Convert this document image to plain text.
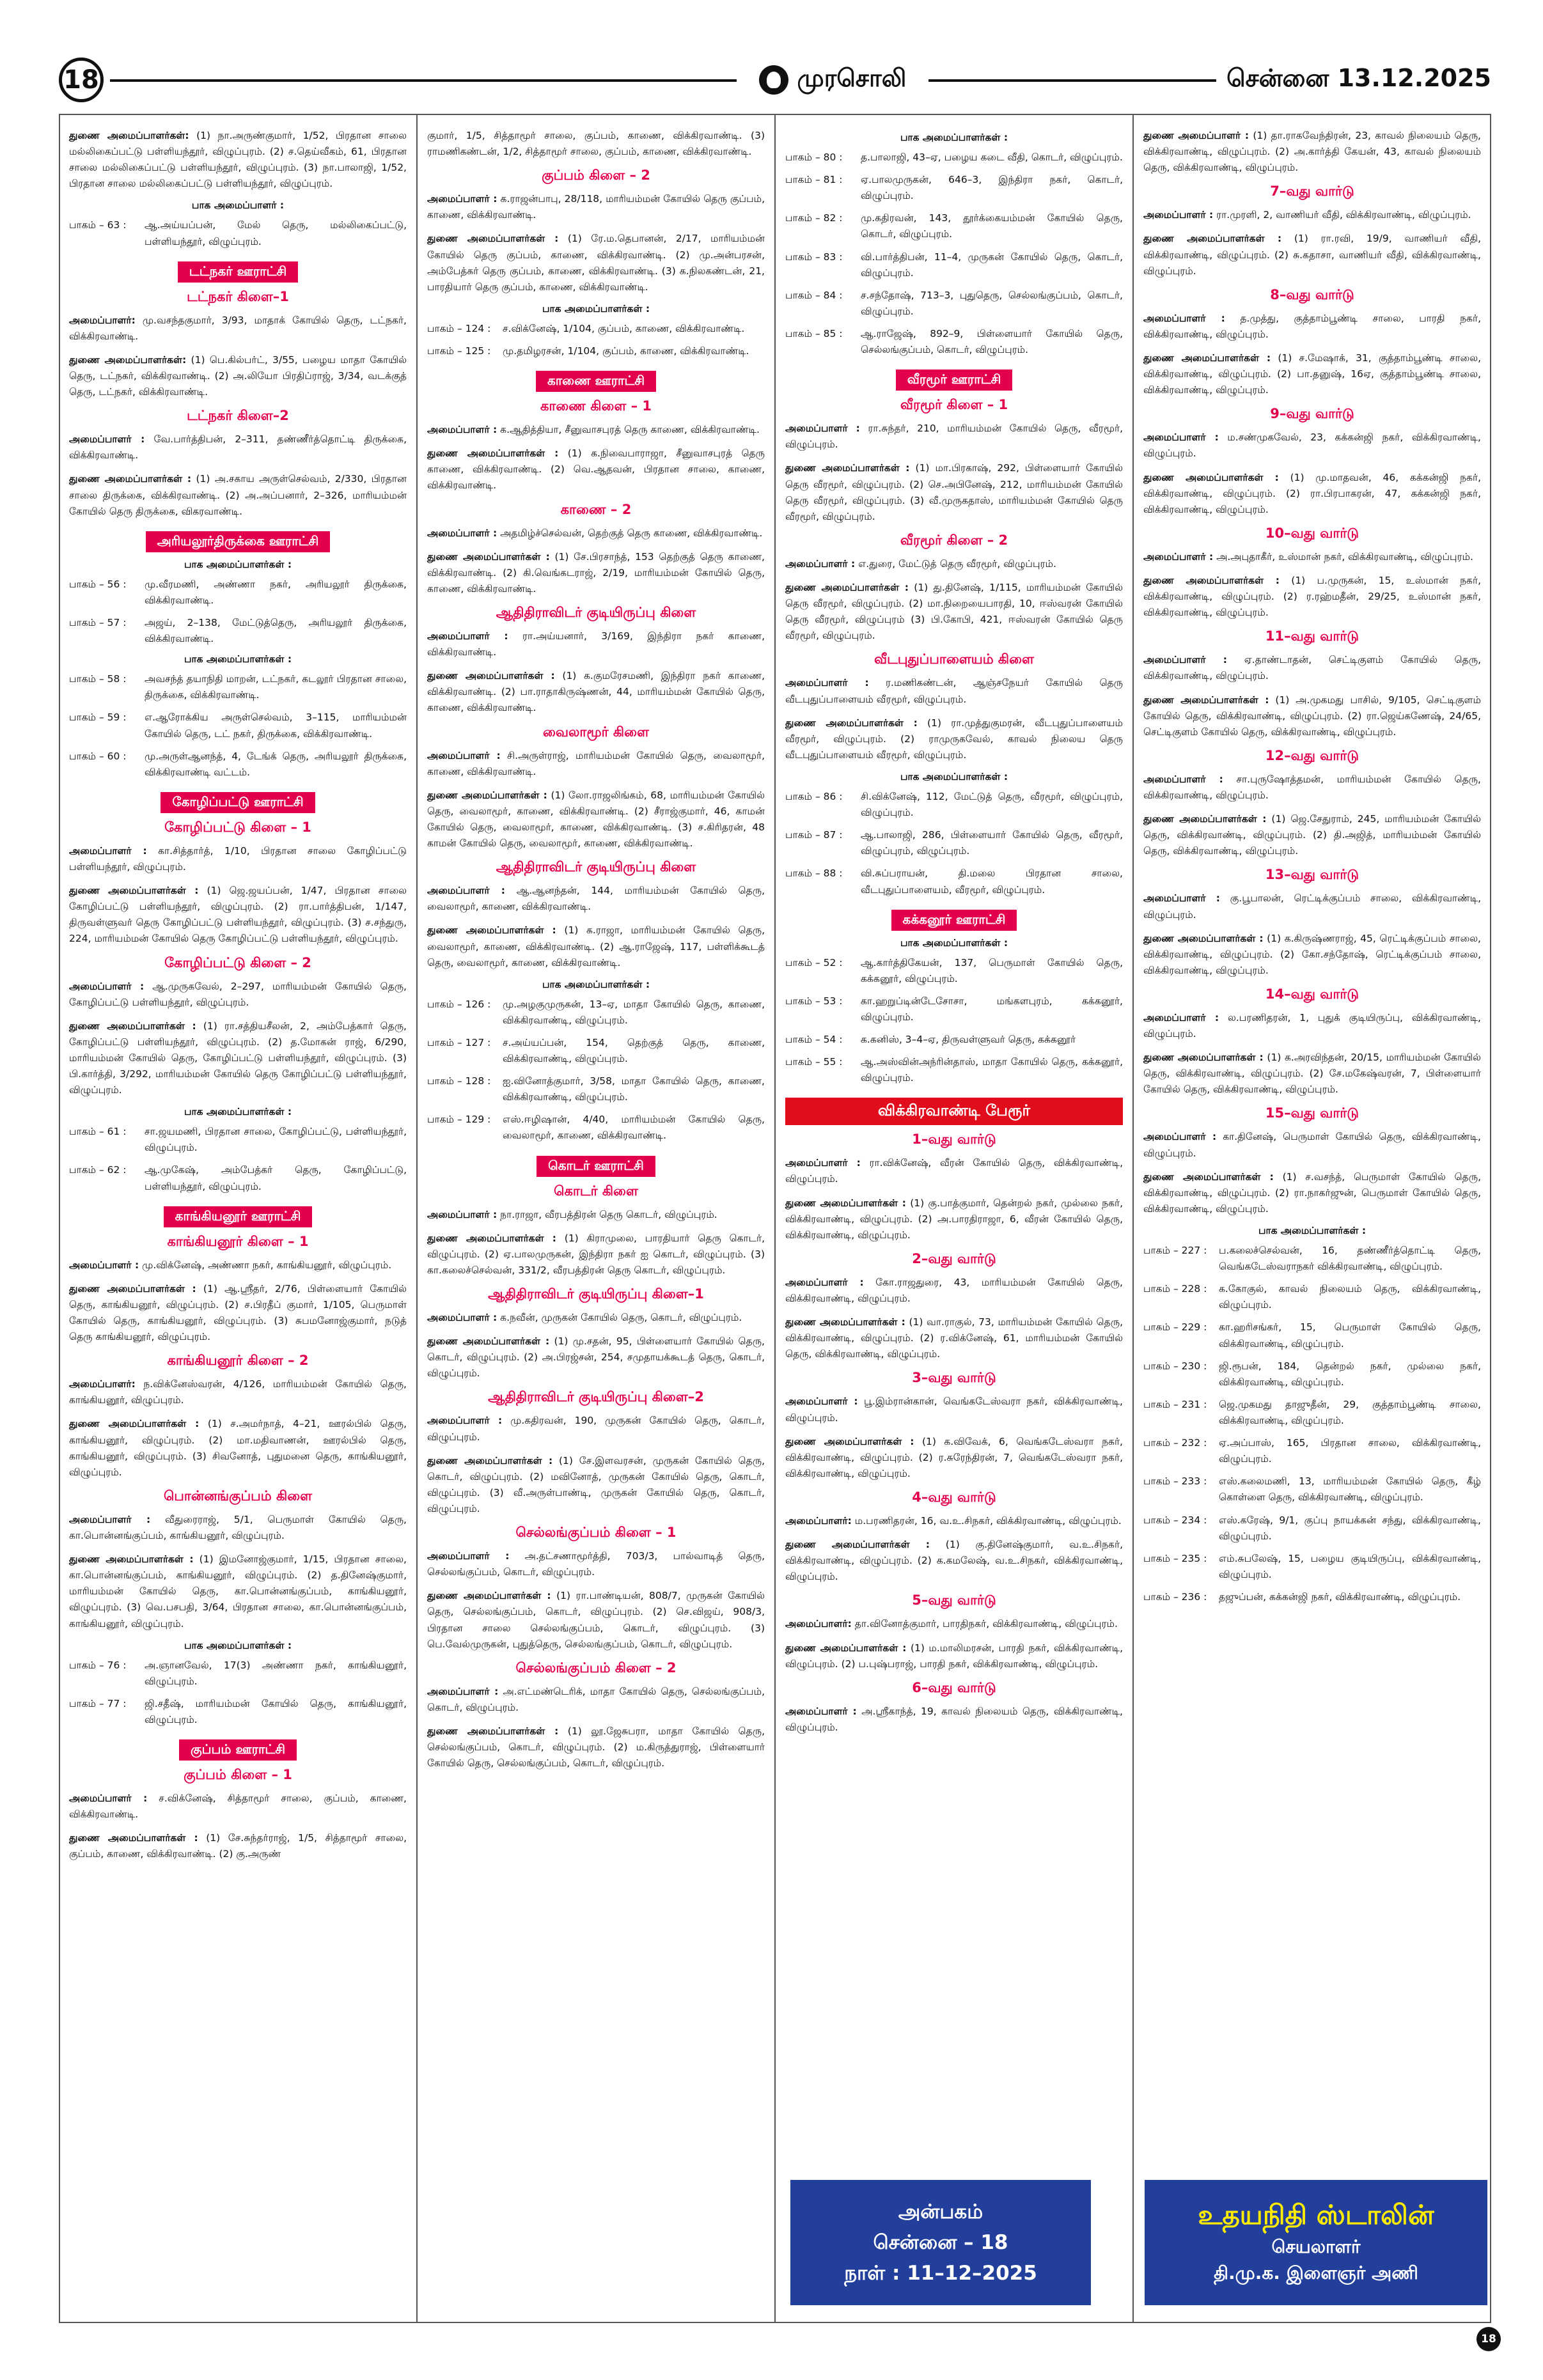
18	முரசொலி	சென்னை 13.12.2025
துணை அமைப்பாளர்கள்: (1) நா.அருண்குமார், 1/52, பிரதான சாலை மல்லிகைப்பட்டு பள்ளியந்தூர், விழுப்புரம். (2) ச.தெய்வீகம், 61, பிரதான சாலை மல்லிகைப்பட்டு பள்ளியந்தூர், விழுப்புரம். (3) நா.பாலாஜி, 1/52, பிரதான சாலை மல்லிகைப்பட்டு பள்ளியந்தூர், விழுப்புரம்.
பாக அமைப்பாளர் :
பாகம் – 63 :	ஆ.அய்யப்பன், மேல் தெரு, மல்லிகைப்பட்டு, பள்ளியந்தூர், விழுப்புரம்.
டட்நகர் ஊராட்சி
டட்நகர் கிளை–1
அமைப்பாளர்: மு.வசந்தகுமார், 3/93, மாதாக் கோயில் தெரு, டட்நகர், விக்கிரவாண்டி.
துணை அமைப்பாளர்கள்: (1) பெ.கில்பர்ட், 3/55, பழைய மாதா கோயில் தெரு, டட்நகர், விக்கிரவாண்டி. (2) அ.லியோ பிரதிப்ராஜ், 3/34, வடக்குத் தெரு, டட்நகர், விக்கிரவாண்டி.
டட்நகர் கிளை–2
அமைப்பாளர் : வே.பார்த்திபன், 2–311, தண்ணீர்த்தொட்டி திருக்கை, விக்கிரவாண்டி.
துணை அமைப்பாளர்கள் : (1) அ.சகாய அருள்செல்வம், 2/330, பிரதான சாலை திருக்கை, விக்கிரவாண்டி. (2) அ.அப்பனார், 2–326, மாரியம்மன் கோயில் தெரு திருக்கை, விகரவாண்டி.
அரியலூர்திருக்கை ஊராட்சி
பாக அமைப்பாளர்கள் :
பாகம் – 56 :	மு.வீரமணி, அண்ணா நகர், அரியலூர் திருக்கை, விக்கிரவாண்டி.
பாகம் – 57 :	அஜய், 2–138, மேட்டுத்தெரு, அரியலூர் திருக்கை, விக்கிரவாண்டி.
பாக அமைப்பாளர்கள் :
பாகம் – 58 :	அவசந்த் தயாநிதி மாறன், டட்நகர், கடலூர் பிரதான சாலை, திருக்கை, விக்கிரவாண்டி.
பாகம் – 59 :	எ.ஆரோக்கிய அருள்செல்வம், 3–115, மாரியம்மன் கோயில் தெரு, டட் நகர், திருக்கை, விக்கிரவாண்டி.
பாகம் – 60 :	மு.அருள்ஆனந்த், 4, டேங்க் தெரு, அரியலூர் திருக்கை, விக்கிரவாண்டி வட்டம்.
கோழிப்பட்டு ஊராட்சி
கோழிப்பட்டு கிளை – 1
அமைப்பாளர் : கா.சித்தார்த், 1/10, பிரதான சாலை கோழிப்பட்டு பள்ளியந்தூர், விழுப்புரம்.
துணை அமைப்பாளர்கள் : (1) ஜெ.ஜயப்பன், 1/47, பிரதான சாலை கோழிப்பட்டு பள்ளியந்தூர், விழுப்புரம். (2) ரா.பார்த்திபன், 1/147, திருவள்ளுவர் தெரு கோழிப்பட்டு பள்ளியந்தூர், விழுப்புரம். (3) ச.சந்துரு, 224, மாரியம்மன் கோயில் தெரு கோழிப்பட்டு பள்ளியந்தூர், விழுப்புரம்.
கோழிப்பட்டு கிளை – 2
அமைப்பாளர் : ஆ.முருகவேல், 2–297, மாரியம்மன் கோயில் தெரு, கோழிப்பட்டு பள்ளியந்தூர், விழுப்புரம்.
துணை அமைப்பாளர்கள் : (1) ரா.சத்தியசீலன், 2, அம்பேத்கார் தெரு, கோழிப்பட்டு பள்ளியந்தூர், விழுப்புரம். (2) த.மோகன் ராஜ், 6/290, மாரியம்மன் கோயில் தெரு, கோழிப்பட்டு பள்ளியந்தூர், விழுப்புரம். (3) பி.கார்த்தி, 3/292, மாரியம்மன் கோயில் தெரு கோழிப்பட்டு பள்ளியந்தூர், விழுப்புரம்.
பாக அமைப்பாளர்கள் :
பாகம் – 61 :	சா.ஜயமணி, பிரதான சாலை, கோழிப்பட்டு, பள்ளியந்தூர், விழுப்புரம்.
பாகம் – 62 :	ஆ.முகேஷ், அம்பேத்கர் தெரு, கோழிப்பட்டு, பள்ளியந்தூர், விழுப்புரம்.
காங்கியனூர் ஊராட்சி
காங்கியனூர் கிளை – 1
அமைப்பாளர் : மு.விக்னேஷ், அண்ணா நகர், காங்கியனூர், விழுப்புரம்.
துணை அமைப்பாளர்கள் : (1) ஆ.ஸ்ரீதர், 2/76, பிள்ளையார் கோயில் தெரு, காங்கியனூர், விழுப்புரம். (2) ச.பிரதீப் குமார், 1/105, பெருமாள் கோயில் தெரு, காங்கியனூர், விழுப்புரம். (3) சுபமனோஜ்குமார், நடுத் தெரு காங்கியனூர், விழுப்புரம்.
காங்கியனூர் கிளை – 2
அமைப்பாளர்: ந.விக்னேஸ்வரன், 4/126, மாரியம்மன் கோயில் தெரு, காங்கியனூர், விழுப்புரம்.
துணை அமைப்பாளர்கள் : (1) ச.அமர்நாத், 4–21, ஊரல்பில் தெரு, காங்கியனூர், விழுப்புரம். (2) மா.மதிவாணன், ஊரல்பில் தெரு, காங்கியனூர், விழுப்புரம். (3) சிவனோத், புதுமனை தெரு, காங்கியனூர், விழுப்புரம்.
பொன்னங்குப்பம் கிளை
அமைப்பாளர் : வீதுரைராஜ், 5/1, பெருமாள் கோயில் தெரு, கா.பொன்னங்குப்பம், காங்கியனூர், விழுப்புரம்.
துணை அமைப்பாளர்கள் : (1) இமனோஜ்குமார், 1/15, பிரதான சாலை, கா.பொன்னங்குப்பம், காங்கியனூர், விழுப்புரம். (2) த.தினேஷ்குமார், மாரியம்மன் கோயில் தெரு, கா.பொன்னங்குப்பம், காங்கியனூர், விழுப்புரம். (3) வெ.பசபதி, 3/64, பிரதான சாலை, கா.பொன்னங்குப்பம், காங்கியனூர், விழுப்புரம்.
பாக அமைப்பாளர்கள் :
பாகம் – 76 :	அ.ஞானவேல், 17(3) அண்ணா நகர், காங்கியனூர், விழுப்புரம்.
பாகம் – 77 :	ஜி.சதீஷ், மாரியம்மன் கோயில் தெரு, காங்கியனூர், விழுப்புரம்.
குப்பம் ஊராட்சி
குப்பம் கிளை – 1
அமைப்பாளர் : ச.விக்னேஷ், சித்தாமூர் சாலை, குப்பம், காணை, விக்கிரவாண்டி.
துணை அமைப்பாளர்கள் : (1) சே.சுந்தர்ராஜ், 1/5, சித்தாமூர் சாலை, குப்பம், காணை, விக்கிரவாண்டி. (2) கு.அருண்
குமார், 1/5, சித்தாமூர் சாலை, குப்பம், காணை, விக்கிரவாண்டி. (3) ராமணிகண்டன், 1/2, சித்தாமூர் சாலை, குப்பம், காணை, விக்கிரவாண்டி.
குப்பம் கிளை – 2
அமைப்பாளர் : க.ராஜன்பாபு, 28/118, மாரியம்மன் கோயில் தெரு குப்பம், காணை, விக்கிரவாண்டி.
துணை அமைப்பாளர்கள் : (1) ரே.ம.தெபானன், 2/17, மாரியம்மன் கோயில் தெரு குப்பம், காணை, விக்கிரவாண்டி. (2) மு.அன்பரசன், அம்பேத்கர் தெரு குப்பம், காணை, விக்கிரவாண்டி. (3) க.நிலகண்டன், 21, பாரதியார் தெரு குப்பம், காணை, விக்கிரவாண்டி.
பாக அமைப்பாளர்கள் :
பாகம் – 124 :	ச.விக்னேஷ், 1/104, குப்பம், காணை, விக்கிரவாண்டி.
பாகம் – 125 :	மு.தமிழரசன், 1/104, குப்பம், காணை, விக்கிரவாண்டி.
காணை ஊராட்சி
காணை கிளை – 1
அமைப்பாளர் : க.ஆதித்தியா, சீனுவாசபுரத் தெரு காணை, விக்கிரவாண்டி.
துணை அமைப்பாளர்கள் : (1) க.நிவைபாராஜா, சீனுவாசபுரத் தெரு காணை, விக்கிரவாண்டி. (2) வெ.ஆதவன், பிரதான சாலை, காணை, விக்கிரவாண்டி.
காணை – 2
அமைப்பாளர் : அதமிழ்ச்செல்வன், தெற்குத் தெரு காணை, விக்கிரவாண்டி.
துணை அமைப்பாளர்கள் : (1) சே.பிரசாந்த், 153 தெற்குத் தெரு காணை, விக்கிரவாண்டி. (2) கி.வெங்கடராஜ், 2/19, மாரியம்மன் கோயில் தெரு, காணை, விக்கிரவாண்டி.
ஆதிதிராவிடர் குடியிருப்பு கிளை
அமைப்பாளர் : ரா.அய்யனார், 3/169, இந்திரா நகர் காணை, விக்கிரவாண்டி.
துணை அமைப்பாளர்கள் : (1) க.குமரேசமணி, இந்திரா நகர் காணை, விக்கிரவாண்டி. (2) பா.ராதாகிருஷ்ணன், 44, மாரியம்மன் கோயில் தெரு, காணை, விக்கிரவாண்டி.
வைலாமூர் கிளை
அமைப்பாளர் : சி.அருள்ராஜ், மாரியம்மன் கோயில் தெரு, வைலாமூர், காணை, விக்கிரவாண்டி.
துணை அமைப்பாளர்கள் : (1) லோ.ராஜலிங்கம், 68, மாரியம்மன் கோயில் தெரு, வைலாமூர், காணை, விக்கிரவாண்டி. (2) சீராஜ்குமார், 46, காமன் கோயில் தெரு, வைலாமூர், காணை, விக்கிரவாண்டி. (3) ச.கிரிதரன், 48 காமன் கோயில் தெரு, வைலாமூர், காணை, விக்கிரவாண்டி.
ஆதிதிராவிடர் குடியிருப்பு கிளை
அமைப்பாளர் : ஆ.ஆனந்தன், 144, மாரியம்மன் கோயில் தெரு, வைலாமூர், காணை, விக்கிரவாண்டி.
துணை அமைப்பாளர்கள் : (1) க.ராஜா, மாரியம்மன் கோயில் தெரு, வைலாமூர், காணை, விக்கிரவாண்டி. (2) ஆ.ராஜேஷ், 117, பள்ளிக்கூடத் தெரு, வைலாமூர், காணை, விக்கிரவாண்டி.
பாக அமைப்பாளர்கள் :
பாகம் – 126 :	மு.அழகுமுருகன், 13–ஏ, மாதா கோயில் தெரு, காணை, விக்கிரவாண்டி, விழுப்புரம்.
பாகம் – 127 :	ச.அய்யப்பன், 154, தெற்குத் தெரு, காணை, விக்கிரவாண்டி, விழுப்புரம்.
பாகம் – 128 :	ஐ.வினோத்குமார், 3/58, மாதா கோயில் தெரு, காணை, விக்கிரவாண்டி, விழுப்புரம்.
பாகம் – 129 :	எஸ்.ஈழிஷான், 4/40, மாரியம்மன் கோயில் தெரு, வைலாமூர், காணை, விக்கிரவாண்டி.
கொடர் ஊராட்சி
கொடர் கிளை
அமைப்பாளர் : நா.ராஜா, வீரபத்திரன் தெரு கொடர், விழுப்புரம்.
துணை அமைப்பாளர்கள் : (1) கிராமுலை, பாரதியார் தெரு கொடர், விழுப்புரம். (2) ஏ.பாலமுருகன், இந்திரா நகர் ஐ கொடர், விழுப்புரம். (3) கா.கலைச்செல்வன், 331/2, வீரபத்திரன் தெரு கொடர், விழுப்புரம்.
ஆதிதிராவிடர் குடியிருப்பு கிளை–1
அமைப்பாளர் : க.நவீன், முருகன் கோயில் தெரு, கொடர், விழுப்புரம்.
துணை அமைப்பாளர்கள் : (1) மு.சதன், 95, பிள்ளையார் கோயில் தெரு, கொடர், விழுப்புரம். (2) அ.பிரஜ்சன், 254, சமுதாயக்கூடத் தெரு, கொடர், விழுப்புரம்.
ஆதிதிராவிடர் குடியிருப்பு கிளை–2
அமைப்பாளர் : மு.கதிரவன், 190, முருகன் கோயில் தெரு, கொடர், விழுப்புரம்.
துணை அமைப்பாளர்கள் : (1) சே.இளவரசன், முருகன் கோயில் தெரு, கொடர், விழுப்புரம். (2) மவினோத், முருகன் கோயில் தெரு, கொடர், விழுப்புரம். (3) வீ.அருள்பாண்டி, முருகன் கோயில் தெரு, கொடர், விழுப்புரம்.
செல்லங்குப்பம் கிளை – 1
அமைப்பாளர் : அ.தட்சணாமூர்த்தி, 703/3, பால்வாடித் தெரு, செல்லங்குப்பம், கொடர், விழுப்புரம்.
துணை அமைப்பாளர்கள் : (1) ரா.பாண்டியன், 808/7, முருகன் கோயில் தெரு, செல்லங்குப்பம், கொடர், விழுப்புரம். (2) செ.விஜய், 908/3, பிரதான சாலை செல்லங்குப்பம், கொடர், விழுப்புரம். (3) பெ.வேல்முருகன், புதுத்தெரு, செல்லங்குப்பம், கொடர், விழுப்புரம்.
செல்லங்குப்பம் கிளை – 2
அமைப்பாளர் : அ.எட்மண்டெரிக், மாதா கோயில் தெரு, செல்லங்குப்பம், கொடர், விழுப்புரம்.
துணை அமைப்பாளர்கள் : (1) லூ.ஜேசுபரா, மாதா கோயில் தெரு, செல்லங்குப்பம், கொடர், விழுப்புரம். (2) ம.கிருத்துராஜ், பிள்ளையார் கோயில் தெரு, செல்லங்குப்பம், கொடர், விழுப்புரம்.
பாக அமைப்பாளர்கள் :
பாகம் – 80 :	த.பாலாஜி, 43–ஏ, பழைய கடை வீதி, கொடர், விழுப்புரம்.
பாகம் – 81 :	ஏ.பாலமுருகன், 646–3, இந்திரா நகர், கொடர், விழுப்புரம்.
பாகம் – 82 :	மு.கதிரவன், 143, தூர்க்கையம்மன் கோயில் தெரு, கொடர், விழுப்புரம்.
பாகம் – 83 :	வி.பார்த்திபன், 11–4, முருகன் கோயில் தெரு, கொடர், விழுப்புரம்.
பாகம் – 84 :	ச.சந்தோஷ், 713–3, புதுதெரு, செல்லங்குப்பம், கொடர், விழுப்புரம்.
பாகம் – 85 :	ஆ.ராஜேஷ், 892–9, பிள்ளையார் கோயில் தெரு, செல்லங்குப்பம், கொடர், விழுப்புரம்.
வீரமூர் ஊராட்சி
வீரமூர் கிளை – 1
அமைப்பாளர் : ரா.சுந்தர், 210, மாரியம்மன் கோயில் தெரு, வீரமூர், விழுப்புரம்.
துணை அமைப்பாளர்கள் : (1) மா.பிரகாஷ், 292, பிள்ளையார் கோயில் தெரு வீரமூர், விழுப்புரம். (2) செ.அபினேஷ், 212, மாரியம்மன் கோயில் தெரு வீரமூர், விழுப்புரம். (3) வீ.முருகதாஸ், மாரியம்மன் கோயில் தெரு வீரமூர், விழுப்புரம்.
வீரமூர் கிளை – 2
அமைப்பாளர் : எ.துரை, மேட்டுத் தெரு வீரமூர், விழுப்புரம்.
துணை அமைப்பாளர்கள் : (1) து.தினேஷ், 1/115, மாரியம்மன் கோயில் தெரு வீரமூர், விழுப்புரம். (2) மா.நிறையைபாரதி, 10, ஈஸ்வரன் கோயில் தெரு வீரமூர், விழுப்புரம் (3) பி.கோபி, 421, ஈஸ்வரன் கோயில் தெரு வீரமூர், விழுப்புரம்.
வீடபுதுப்பாளையம் கிளை
அமைப்பாளர் : ர.மணிகண்டன், ஆஞ்சநேயர் கோயில் தெரு வீடபுதுப்பாளையம் வீரமூர், விழுப்புரம்.
துணை அமைப்பாளர்கள் : (1) ரா.முத்துகுமரன், வீடபுதுப்பாளையம் வீரமூர், விழுப்புரம். (2) ராமுருகவேல், காவல் நிலைய தெரு வீடபுதுப்பாளையம் வீரமூர், விழுப்புரம்.
பாக அமைப்பாளர்கள் :
பாகம் – 86 :	சி.விக்னேஷ், 112, மேட்டுத் தெரு, வீரமூர், விழுப்புரம், விழுப்புரம்.
பாகம் – 87 :	ஆ.பாலாஜி, 286, பிள்ளையார் கோயில் தெரு, வீரமூர், விழுப்புரம், விழுப்புரம்.
பாகம் – 88 :	வி.சுப்பராயன், தி.மலை பிரதான சாலை, வீடபுதுப்பாளையம், வீரமூர், விழுப்புரம்.
கக்கனூர் ஊராட்சி
பாக அமைப்பாளர்கள் :
பாகம் – 52 :	ஆ.கார்த்திகேயன், 137, பெருமாள் கோயில் தெரு, கக்கனூர், விழுப்புரம்.
பாகம் – 53 :	கா.ஹறுப்டின்டேசோசா, மங்களபுரம், கக்கனூர், விழுப்புரம்.
பாகம் – 54 :	க.கனிஸ், 3–4–ஏ, திருவள்ளுவர் தெரு, கக்கனூர்
பாகம் – 55 :	ஆ.அஸ்வின்அந்ரின்தாஸ், மாதா கோயில் தெரு, கக்கனூர், விழுப்புரம்.
விக்கிரவாண்டி பேரூர்
1–வது வார்டு
அமைப்பாளர் : ரா.விக்னேஷ், வீரன் கோயில் தெரு, விக்கிரவாண்டி, விழுப்புரம்.
துணை அமைப்பாளர்கள் : (1) கு.பாத்குமார், தென்றல் நகர், முல்லை நகர், விக்கிரவாண்டி, விழுப்புரம். (2) அ.பாரதிராஜா, 6, வீரன் கோயில் தெரு, விக்கிரவாண்டி, விழுப்புரம்.
2–வது வார்டு
அமைப்பாளர் : கோ.ராஜதுரை, 43, மாரியம்மன் கோயில் தெரு, விக்கிரவாண்டி, விழுப்புரம்.
துணை அமைப்பாளர்கள் : (1) வா.ராகுல், 73, மாரியம்மன் கோயில் தெரு, விக்கிரவாண்டி, விழுப்புரம். (2) ர.விக்னேஷ், 61, மாரியம்மன் கோயில் தெரு, விக்கிரவாண்டி, விழுப்புரம்.
3–வது வார்டு
அமைப்பாளர் : பூ.இம்ரான்கான், வெங்கடேஸ்வரா நகர், விக்கிரவாண்டி, விழுப்புரம்.
துணை அமைப்பாளர்கள் : (1) க.விவேக், 6, வெங்கடேஸ்வரா நகர், விக்கிரவாண்டி, விழுப்புரம். (2) ர.சுரேந்திரன், 7, வெங்கடேஸ்வரா நகர், விக்கிரவாண்டி, விழுப்புரம்.
4–வது வார்டு
அமைப்பாளர்: ம.பரணிதரன், 16, வ.உ.சிநகர், விக்கிரவாண்டி, விழுப்புரம்.
துணை அமைப்பாளர்கள் : (1) கு.தினேஷ்குமார், வ.உ.சிநகர், விக்கிரவாண்டி, விழுப்புரம். (2) க.கமலேஷ், வ.உ.சிநகர், விக்கிரவாண்டி, விழுப்புரம்.
5–வது வார்டு
அமைப்பாளர்: தா.வினோத்குமார், பாரதிநகர், விக்கிரவாண்டி, விழுப்புரம்.
துணை அமைப்பாளர்கள் : (1) ம.மாலிமரசன், பாரதி நகர், விக்கிரவாண்டி, விழுப்புரம். (2) ப.புஷ்பராஜ், பாரதி நகர், விக்கிரவாண்டி, விழுப்புரம்.
6–வது வார்டு
அமைப்பாளர் : அ.ஸ்ரீகாந்த், 19, காவல் நிலையம் தெரு, விக்கிரவாண்டி, விழுப்புரம்.
துணை அமைப்பாளர் : (1) தா.ராகவேந்திரன், 23, காவல் நிலையம் தெரு, விக்கிரவாண்டி, விழுப்புரம். (2) அ.கார்த்தி கேயன், 43, காவல் நிலையம் தெரு, விக்கிரவாண்டி, விழுப்புரம்.
7–வது வார்டு
அமைப்பாளர் : ரா.முரளி, 2, வாணியர் வீதி, விக்கிரவாண்டி, விழுப்புரம்.
துணை அமைப்பாளர்கள் : (1) ரா.ரவி, 19/9, வாணியர் வீதி, விக்கிரவாண்டி, விழுப்புரம். (2) சு.கதாசா, வாணியர் வீதி, விக்கிரவாண்டி, விழுப்புரம்.
8–வது வார்டு
அமைப்பாளர் : த.முத்து, குத்தாம்பூண்டி சாலை, பாரதி நகர், விக்கிரவாண்டி, விழுப்புரம்.
துணை அமைப்பாளர்கள் : (1) ச.மேஷாக், 31, குத்தாம்பூண்டி சாலை, விக்கிரவாண்டி, விழுப்புரம். (2) பா.தனுஷ், 16ஏ, குத்தாம்பூண்டி சாலை, விக்கிரவாண்டி, விழுப்புரம்.
9–வது வார்டு
அமைப்பாளர் : ம.சண்முகவேல், 23, கக்கன்ஜி நகர், விக்கிரவாண்டி, விழுப்புரம்.
துணை அமைப்பாளர்கள் : (1) மு.மாதவன், 46, கக்கன்ஜி நகர், விக்கிரவாண்டி, விழுப்புரம். (2) ரா.பிரபாகரன், 47, கக்கன்ஜி நகர், விக்கிரவாண்டி, விழுப்புரம்.
10–வது வார்டு
அமைப்பாளர் : அ.அபுதாகீர், உஸ்மான் நகர், விக்கிரவாண்டி, விழுப்புரம்.
துணை அமைப்பாளர்கள் : (1) ப.முருகன், 15, உஸ்மான் நகர், விக்கிரவாண்டி, விழுப்புரம். (2) ர.ரஹ்மதீன், 29/25, உஸ்மான் நகர், விக்கிரவாண்டி, விழுப்புரம்.
11–வது வார்டு
அமைப்பாளர் : ஏ.தாண்டாதன், செட்டிகுளம் கோயில் தெரு, விக்கிரவாண்டி, விழுப்புரம்.
துணை அமைப்பாளர்கள் : (1) அ.முகமது பாசில், 9/105, செட்டிகுளம் கோயில் தெரு, விக்கிரவாண்டி, விழுப்புரம். (2) ரா.ஜெய்கணேஷ், 24/65, செட்டிகுளம் கோயில் தெரு, விக்கிரவாண்டி, விழுப்புரம்.
12–வது வார்டு
அமைப்பாளர் : சா.புருஷோத்தமன், மாரியம்மன் கோயில் தெரு, விக்கிரவாண்டி, விழுப்புரம்.
துணை அமைப்பாளர்கள் : (1) ஜெ.சேதுராம், 245, மாரியம்மன் கோயில் தெரு, விக்கிரவாண்டி, விழுப்புரம். (2) தி.அஜித், மாரியம்மன் கோயில் தெரு, விக்கிரவாண்டி, விழுப்புரம்.
13–வது வார்டு
அமைப்பாளர் : கு.பூபாலன், ரெட்டிக்குப்பம் சாலை, விக்கிரவாண்டி, விழுப்புரம்.
துணை அமைப்பாளர்கள் : (1) க.கிருஷ்ணராஜ், 45, ரெட்டிக்குப்பம் சாலை, விக்கிரவாண்டி, விழுப்புரம். (2) கோ.சந்தோஷ், ரெட்டிக்குப்பம் சாலை, விக்கிரவாண்டி, விழுப்புரம்.
14–வது வார்டு
அமைப்பாளர் : ல.பரணிதரன், 1, புதுக் குடியிருப்பு, விக்கிரவாண்டி, விழுப்புரம்.
துணை அமைப்பாளர்கள் : (1) க.அரவிந்தன், 20/15, மாரியம்மன் கோயில் தெரு, விக்கிரவாண்டி, விழுப்புரம். (2) சே.மகேஷ்வரன், 7, பிள்ளையார் கோயில் தெரு, விக்கிரவாண்டி, விழுப்புரம்.
15–வது வார்டு
அமைப்பாளர் : கா.தினேஷ், பெருமாள் கோயில் தெரு, விக்கிரவாண்டி, விழுப்புரம்.
துணை அமைப்பாளர்கள் : (1) ச.வசந்த், பெருமாள் கோயில் தெரு, விக்கிரவாண்டி, விழுப்புரம். (2) ரா.நாகர்ஜுன், பெருமாள் கோயில் தெரு, விக்கிரவாண்டி, விழுப்புரம்.
பாக அமைப்பாளர்கள் :
பாகம் – 227 :	ப.கலைச்செல்வன், 16, தண்ணீர்த்தொட்டி தெரு, வெங்கடேஸ்வராநகர் விக்கிரவாண்டி, விழுப்புரம்.
பாகம் – 228 :	க.கோகுல், காவல் நிலையம் தெரு, விக்கிரவாண்டி, விழுப்புரம்.
பாகம் – 229 :	கா.ஹரிசங்கர், 15, பெருமாள் கோயில் தெரு, விக்கிரவாண்டி, விழுப்புரம்.
பாகம் – 230 :	ஜி.ரூபன், 184, தென்றல் நகர், முல்லை நகர், விக்கிரவாண்டி, விழுப்புரம்.
பாகம் – 231 :	ஜெ.முகமது தாஜுதீன், 29, குத்தாம்பூண்டி சாலை, விக்கிரவாண்டி, விழுப்புரம்.
பாகம் – 232 :	ஏ.அப்பாஸ், 165, பிரதான சாலை, விக்கிரவாண்டி, விழுப்புரம்.
பாகம் – 233 :	எஸ்.கலைமணி, 13, மாரியம்மன் கோயில் தெரு, கீழ் கொள்ளை தெரு, விக்கிரவாண்டி, விழுப்புரம்.
பாகம் – 234 :	எஸ்.கரேஷ், 9/1, குப்பு நாயக்கன் சந்து, விக்கிரவாண்டி, விழுப்புரம்.
பாகம் – 235 :	எம்.சுபலேஷ், 15, பழைய குடியிருப்பு, விக்கிரவாண்டி, விழுப்புரம்.
பாகம் – 236 :	தஜுப்பன், கக்கன்ஜி நகர், விக்கிரவாண்டி, விழுப்புரம்.
அன்பகம்
சென்னை – 18
நாள் : 11–12–2025
உதயநிதி ஸ்டாலின்
செயலாளர்
தி.மு.க. இளைஞர் அணி
18
